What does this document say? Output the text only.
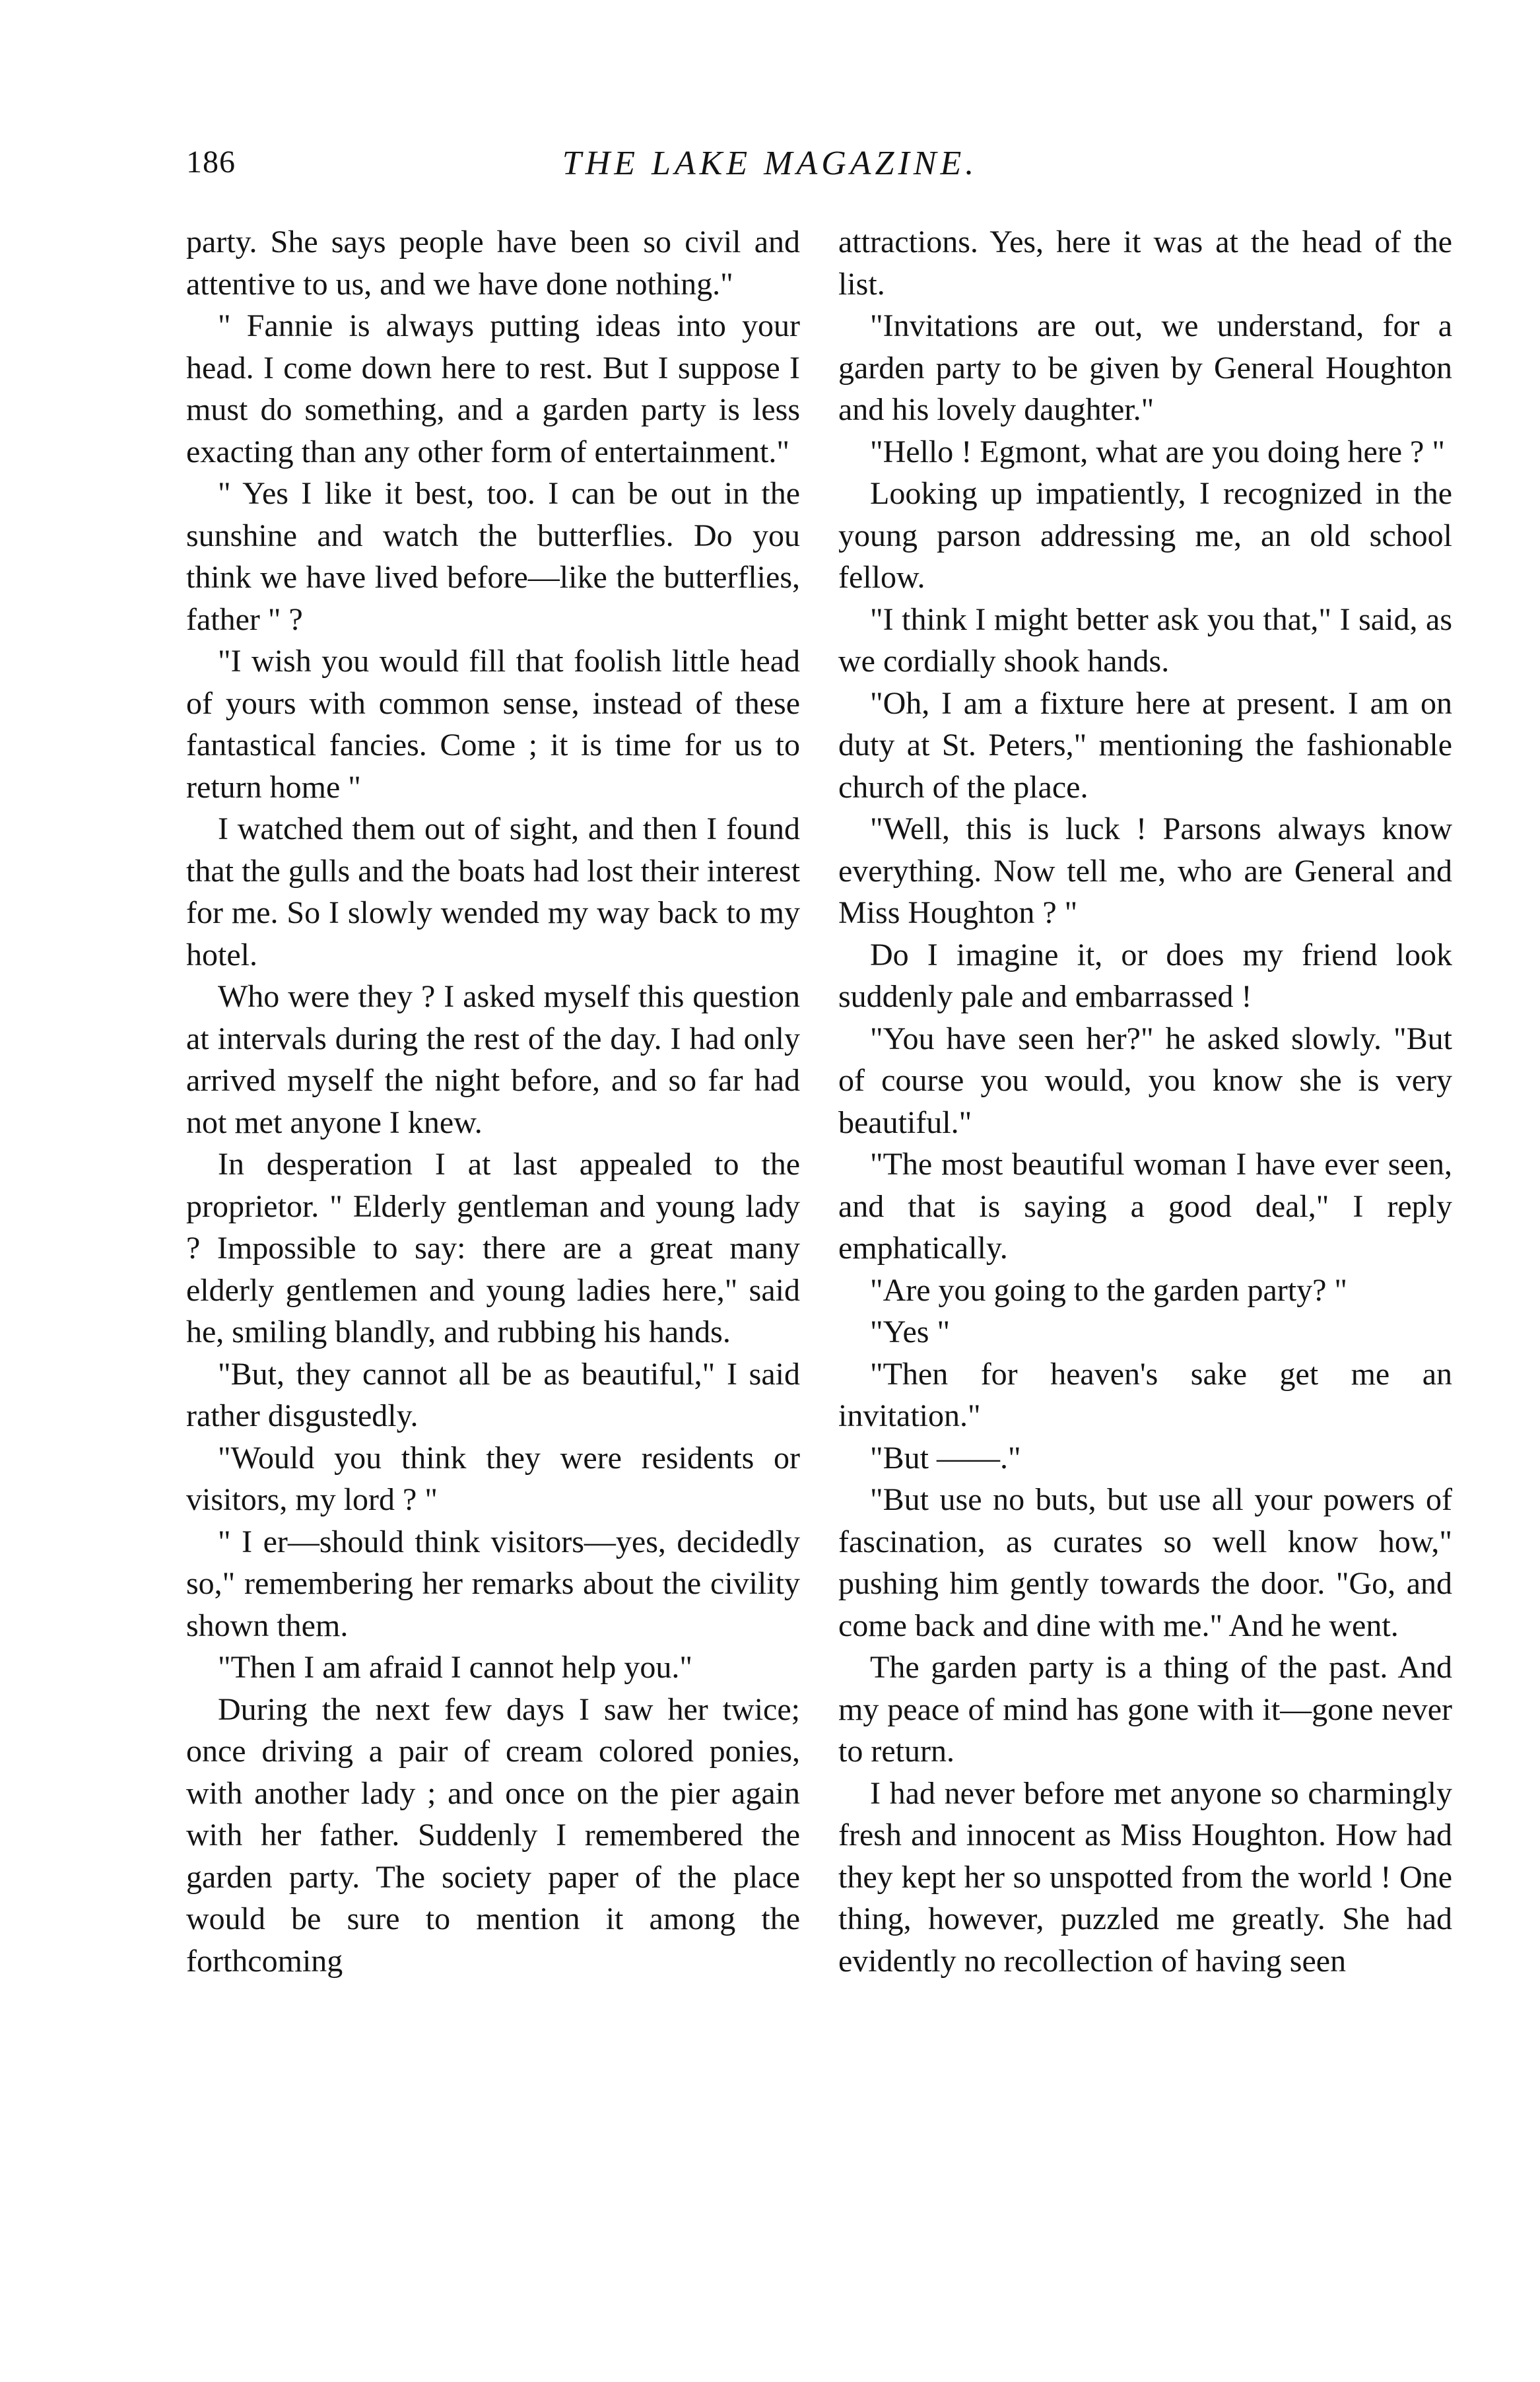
186	THE LAKE MAGAZINE.

party. She says people have been so civil and attentive to us, and we have done nothing."

" Fannie is always putting ideas into your head. I come down here to rest. But I suppose I must do something, and a garden party is less exacting than any other form of entertainment."

" Yes I like it best, too. I can be out in the sunshine and watch the butterflies. Do you think we have lived before—like the butterflies, father " ?

"I wish you would fill that foolish little head of yours with common sense, instead of these fantastical fancies. Come ; it is time for us to return home "

I watched them out of sight, and then I found that the gulls and the boats had lost their interest for me. So I slowly wended my way back to my hotel.

Who were they ? I asked myself this question at intervals during the rest of the day. I had only arrived myself the night before, and so far had not met anyone I knew.

In desperation I at last appealed to the proprietor. " Elderly gentleman and young lady ? Impossible to say: there are a great many elderly gentlemen and young ladies here," said he, smiling blandly, and rubbing his hands.

"But, they cannot all be as beautiful," I said rather disgustedly.

"Would you think they were residents or visitors, my lord ? "

" I er—should think visitors—yes, decidedly so," remembering her remarks about the civility shown them.

"Then I am afraid I cannot help you."

During the next few days I saw her twice; once driving a pair of cream colored ponies, with another lady ; and once on the pier again with her father. Suddenly I remembered the garden party. The society paper of the place would be sure to mention it among the forthcoming

attractions. Yes, here it was at the head of the list.

"Invitations are out, we understand, for a garden party to be given by General Houghton and his lovely daughter."

"Hello ! Egmont, what are you doing here ? "

Looking up impatiently, I recognized in the young parson addressing me, an old school fellow.

"I think I might better ask you that," I said, as we cordially shook hands.

"Oh, I am a fixture here at present. I am on duty at St. Peters," mentioning the fashionable church of the place.

"Well, this is luck ! Parsons always know everything. Now tell me, who are General and Miss Houghton ? "

Do I imagine it, or does my friend look suddenly pale and embarrassed !

"You have seen her?" he asked slowly. "But of course you would, you know she is very beautiful."

"The most beautiful woman I have ever seen, and that is saying a good deal," I reply emphatically.

"Are you going to the garden party? "

"Yes "

"Then for heaven's sake get me an invitation."

"But ——."

"But use no buts, but use all your powers of fascination, as curates so well know how," pushing him gently towards the door. "Go, and come back and dine with me." And he went.

The garden party is a thing of the past. And my peace of mind has gone with it—gone never to return.

I had never before met anyone so charmingly fresh and innocent as Miss Houghton. How had they kept her so unspotted from the world ! One thing, however, puzzled me greatly. She had evidently no recollection of having seen
